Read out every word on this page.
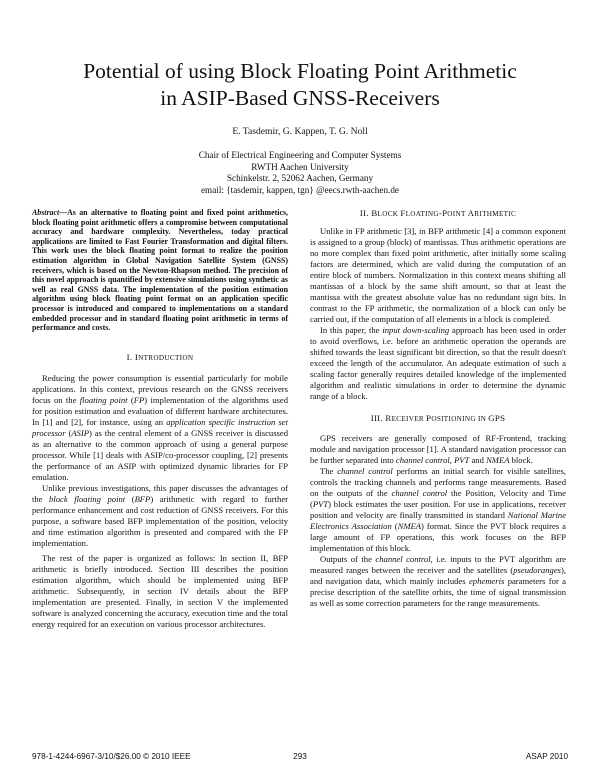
Potential of using Block Floating Point Arithmetic
in ASIP-Based GNSS-Receivers
E. Tasdemir, G. Kappen, T. G. Noll
Chair of Electrical Engineering and Computer Systems
RWTH Aachen University
Schinkelstr. 2, 52062 Aachen, Germany
email: {tasdemir, kappen, tgn} @eecs.rwth-aachen.de
Abstract—As an alternative to floating point and fixed point arithmetics, block floating point arithmetic offers a compromise between computational accuracy and hardware complexity. Nevertheless, today practical applications are limited to Fast Fourier Transformation and digital filters. This work uses the block floating point format to realize the position estimation algorithm in Global Navigation Satellite System (GNSS) receivers, which is based on the Newton-Rhapson method. The precision of this novel approach is quantified by extensive simulations using synthetic as well as real GNSS data. The implementation of the position estimation algorithm using block floating point format on an application specific processor is introduced and compared to implementations on a standard embedded processor and in standard floating point arithmetic in terms of performance and costs.
I. INTRODUCTION

Reducing the power consumption is essential particularly for mobile applications. In this context, previous research on the GNSS receivers focus on the floating point (FP) implementation of the algorithms used for position estimation and evaluation of different hardware architectures. In [1] and [2], for instance, using an application specific instruction set processor (ASIP) as the central element of a GNSS receiver is discussed as an alternative to the common approach of using a general purpose processor. While [1] deals with ASIP/co-processor coupling, [2] presents the performance of an ASIP with optimized dynamic libraries for FP emulation.

Unlike previous investigations, this paper discusses the advantages of the block floating point (BFP) arithmetic with regard to further performance enhancement and cost reduction of GNSS receivers. For this purpose, a software based BFP implementation of the position, velocity and time estimation algorithm is presented and compared with the FP implementation.

The rest of the paper is organized as follows: In section II, BFP arithmetic is briefly introduced. Section III describes the position estimation algorithm, which should be implemented using BFP arithmetic. Subsequently, in section IV details about the BFP implementation are presented. Finally, in section V the implemented software is analyzed concerning the accuracy, execution time and the total energy required for an execution on various processor architectures.

II. BLOCK FLOATING-POINT ARITHMETIC

Unlike in FP arithmetic [3], in BFP arithmetic [4] a common exponent is assigned to a group (block) of mantissas. Thus arithmetic operations are no more complex than fixed point arithmetic, after initially some scaling factors are determined, which are valid during the computation of an entire block of numbers. Normalization in this context means shifting all mantissas of a block by the same shift amount, so that at least the mantissa with the greatest absolute value has no redundant sign bits. In contrast to the FP arithmetic, the normalization of a block can only be carried out, if the computation of all elements in a block is completed.

In this paper, the input down-scaling approach has been used in order to avoid overflows, i.e. before an arithmetic operation the operands are shifted towards the least significant bit direction, so that the result doesn't exceed the length of the accumulator. An adequate estimation of such a scaling factor generally requires detailed knowledge of the implemented algorithm and realistic simulations in order to determine the dynamic range of a block.

III. RECEIVER POSITIONING IN GPS

GPS receivers are generally composed of RF-Frontend, tracking module and navigation processor [1]. A standard navigation processor can be further separated into channel control, PVT and NMEA block.

The channel control performs an initial search for visible satellites, controls the tracking channels and performs range measurements. Based on the outputs of the channel control the Position, Velocity and Time (PVT) block estimates the user position. For use in applications, receiver position and velocity are finally transmitted in standard National Marine Electronics Association (NMEA) format. Since the PVT block requires a large amount of FP operations, this work focuses on the BFP implementation of this block.

Outputs of the channel control, i.e. inputs to the PVT algorithm are measured ranges between the receiver and the satellites (pseudoranges), and navigation data, which mainly includes ephemeris parameters for a precise description of the satellite orbits, the time of signal transmission as well as some correction parameters for the range measurements.

978-1-4244-6967-3/10/$26.00 © 2010 IEEE	293	ASAP 2010
